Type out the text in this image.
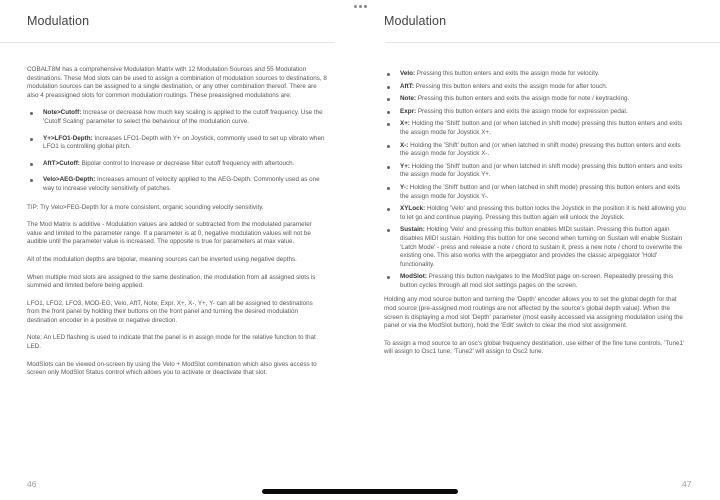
Modulation

COBALT8M has a comprehensive Modulation Matrix with 12 Modulation Sources and 55 Modulation destinations. These Mod slots can be used to assign a combination of modulation sources to destinations, 8 modulation sources can be assigned to a single destination, or any other combination thereof. There are also 4 preassigned slots for common modulation routings. These preassigned modulations are:

Note>Cutoff: Increase or decrease how much key scaling is applied to the cutoff frequency. Use the 'Cutoff Scaling' parameter to select the behaviour of the modulation curve.
Y+>LFO1-Depth: Increases LFO1-Depth with Y+ on Joystick, commonly used to set up vibrato when LFO1 is controlling global pitch.
AftT>Cutoff: Bipolar control to Increase or decrease filter cutoff frequency with aftertouch.
Velo>AEG-Depth: Increases amount of velocity applied to the AEG-Depth. Commonly used as one way to increase velocity sensitivity of patches.

TIP: Try Velo>FEG-Depth for a more consistent, organic sounding velocity sensitivity.

The Mod Matrix is additive - Modulation values are added or subtracted from the modulated parameter value and limited to the parameter range. If a parameter is at 0, negative modulation values will not be audible until the parameter value is increased. The opposite is true for parameters at max value.

All of the modulation depths are bipolar, meaning sources can be inverted using negative depths.

When multiple mod slots are assigned to the same destination, the modulation from all assigned slots is summed and limited before being applied.

LFO1, LFO2, LFO3, MOD-EG, Velo, AftT, Note, Expr, X+, X-, Y+, Y- can all be assigned to destinations from the front panel by holding their buttons on the front panel and turning the desired modulation destination encoder in a positive or negative direction.

Note: An LED flashing is used to indicate that the panel is in assign mode for the relative function to that LED.

ModSlots can be viewed on-screen by using the Velo + ModSlot combination which also gives access to screen only ModSlot Status control which allows you to activate or deactivate that slot.

46
Modulation
Velo: Pressing this button enters and exits the assign mode for velocity.
AftT: Pressing this button enters and exits the assign mode for after touch.
Note: Pressing this button enters and exits the assign mode for note / keytracking.
Expr: Pressing this button enters and exits the assign mode for expression pedal.
X+: Holding the 'Shift' button and (or when latched in shift mode) pressing this button enters and exits the assign mode for Joystick X+.
X-: Holding the 'Shift' button and (or when latched in shift mode) pressing this button enters and exits the assign mode for Joystick X-.
Y+: Holding the 'Shift' button and (or when latched in shift mode) pressing this button enters and exits the assign mode for Joystick Y+.
Y-: Holding the 'Shift' button and (or when latched in shift mode) pressing this button enters and exits the assign mode for Joystick Y-.
XYLock: Holding 'Velo' and pressing this button locks the Joystick in the position it is held allowing you to let go and continue playing. Pressing this button again will unlock the Joystick.
Sustain: Holding 'Velo' and pressing this button enables MIDI sustain. Pressing this button again disables MIDI sustain. Holding this button for one second when turning on Sustain will enable Sustain 'Latch Mode' - press and release a note / chord to sustain it, press a new note / chord to overwrite the existing one. This also works with the arpeggiator and provides the classic arpeggiator 'Hold' functionality.
ModSlot: Pressing this button navigates to the ModSlot page on-screen. Repeatedly pressing this button cycles through all mod slot settings pages on the screen.

Holding any mod source button and turning the 'Depth' encoder allows you to set the global depth for that mod source (pre-assigned mod routings are not affected by the source's global depth value). When the screen is displaying a mod slot 'Depth' parameter (most easily accessed via assigning modulation using the panel or via the ModSlot button), hold the 'Edit' switch to clear the mod slot assignment.

To assign a mod source to an osc's global frequency destination, use either of the fine tune controls. 'Tune1' will assign to Osc1 tune, 'Tune2' will assign to Osc2 tune.

47
